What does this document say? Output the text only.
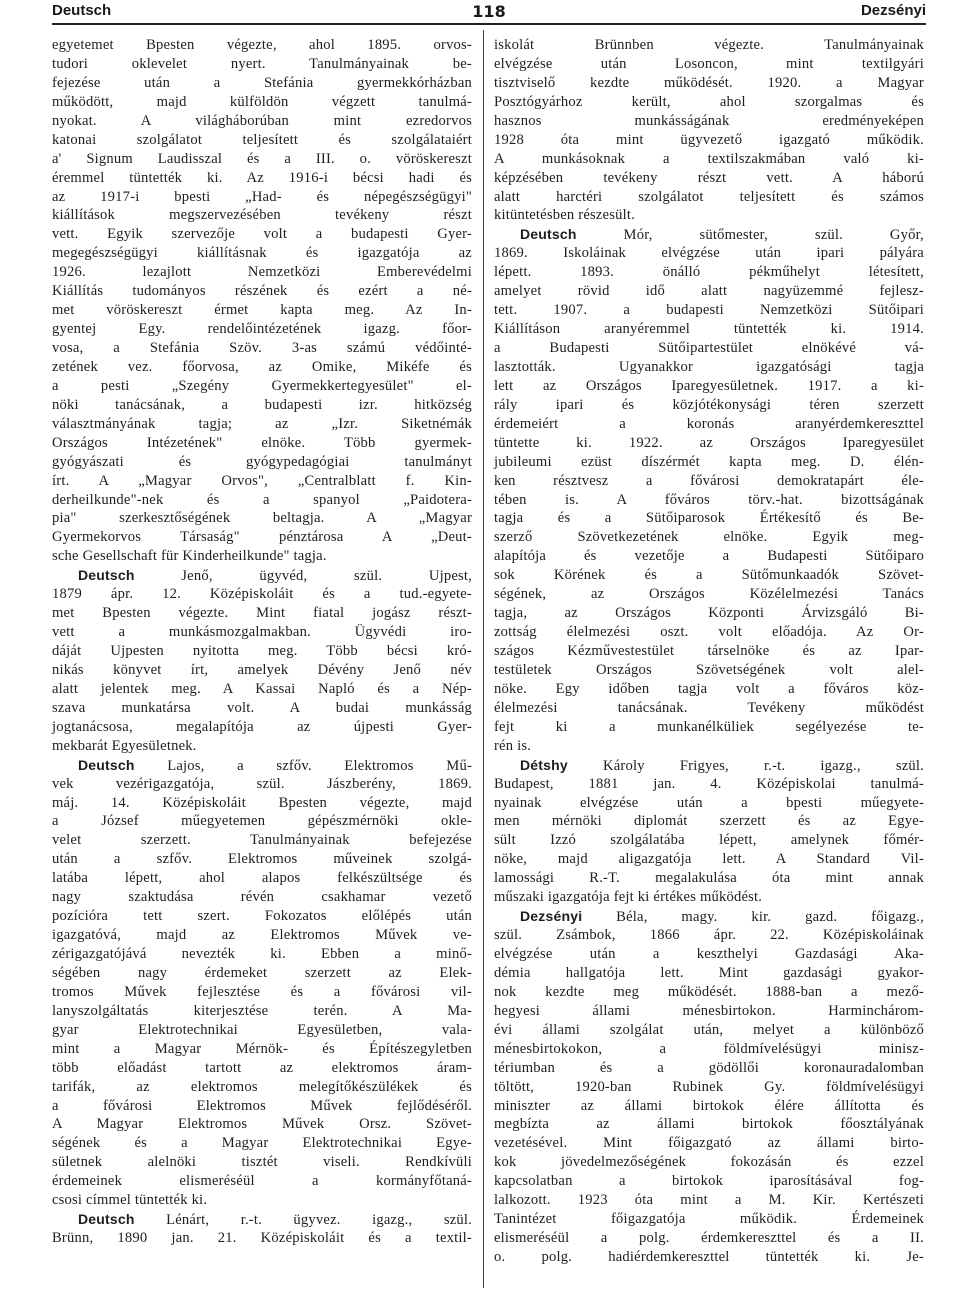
Deutsch	118	Dezsényi
egyetemet Bpesten végezte, ahol 1895. orvos-
tudori oklevelet nyert. Tanulmányainak be-
fejezése után a Stefánia gyermekkórházban
működött, majd külföldön végzett tanulmá-
nyokat. A világháborúban mint ezredorvos
katonai szolgálatot teljesített és szolgálataiért
a' Signum Laudisszal és a III. o. vöröskereszt
éremmel tüntették ki. Az 1916-i bécsi hadi és
az 1917-i bpesti „Had- és népegészségügyi"
kiállítások megszervezésében tevékeny részt
vett. Egyik szervezője volt a budapesti Gyer-
megegészségügyi kiállításnak és igazgatója az
1926. lezajlott Nemzetközi Emberevédelmi
Kiállítás tudományos részének és ezért a né-
met vöröskereszt érmet kapta meg. Az In-
gyentej Egy. rendelőintézetének igazg. főor-
vosa, a Stefánia Szöv. 3-as számú védőinté-
zetének vez. főorvosa, az Omike, Mikéfe és
a pesti „Szegény Gyermekkertegyesület" el-
nöki tanácsának, a budapesti izr. hitközség
választmányának tagja; az „Izr. Siketnémák
Országos Intézetének" elnöke. Több gyermek-
gyógyászati és gyógypedagógiai tanulmányt
írt. A „Magyar Orvos", „Centralblatt f. Kin-
derheilkunde"-nek és a spanyol „Paidotera-
pia" szerkesztőségének beltagja. A „Magyar
Gyermekorvos Társaság" pénztárosa A „Deut-
sche Gesellschaft für Kinderheilkunde" tagja.
Deutsch Jenő, ügyvéd, szül. Ujpest,
1879 ápr. 12. Középiskoláit és a tud.-egyete-
met Bpesten végezte. Mint fiatal jogász részt-
vett a munkásmozgalmakban. Ügyvédi iro-
dáját Ujpesten nyitotta meg. Több bécsi kró-
nikás könyvet írt, amelyek Dévény Jenő név
alatt jelentek meg. A Kassai Napló és a Nép-
szava munkatársa volt. A budai munkásság
jogtanácsosa, megalapítója az újpesti Gyer-
mekbarát Egyesületnek.
Deutsch Lajos, a szfőv. Elektromos Mű-
vek vezérigazgatója, szül. Jászberény, 1869.
máj. 14. Középiskoláit Bpesten végezte, majd
a József műegyetemen gépészmérnöki okle-
velet szerzett. Tanulmányainak befejezése
után a szfőv. Elektromos műveinek szolgá-
latába lépett, ahol alapos felkészültsége és
nagy szaktudása révén csakhamar vezető
pozícióra tett szert. Fokozatos előlépés után
igazgatóvá, majd az Elektromos Művek ve-
zérigazgatójává nevezték ki. Ebben a minő-
ségében nagy érdemeket szerzett az Elek-
tromos Művek fejlesztése és a fővárosi vil-
lanyszolgáltatás kiterjesztése terén. A Ma-
gyar Elektrotechnikai Egyesületben, vala-
mint a Magyar Mérnök- és Építészegyletben
több előadást tartott az elektromos áram-
tarifák, az elektromos melegítőkészülékek és
a fővárosi Elektromos Művek fejlődéséről.
A Magyar Elektromos Művek Orsz. Szövet-
ségének és a Magyar Elektrotechnikai Egye-
sületnek alelnöki tisztét viseli. Rendkívüli
érdemeinek elismeréséül a kormányfőtaná-
csosi címmel tüntették ki.
Deutsch Lénárt, r.-t. ügyvez. igazg., szül.
Brünn, 1890 jan. 21. Középiskoláit és a textil-
iskolát Brünnben végezte. Tanulmányainak
elvégzése után Losoncon, mint textilgyári
tisztviselő kezdte működését. 1920. a Magyar
Posztógyárhoz került, ahol szorgalmas és
hasznos munkásságának eredményeképen
1928 óta mint ügyvezető igazgató működik.
A munkásoknak a textilszakmában való ki-
képzésében tevékeny részt vett. A háború
alatt harctéri szolgálatot teljesített és számos
kitüntetésben részesült.
Deutsch Mór, sütőmester, szül. Győr,
1869. Iskoláinak elvégzése után ipari pályára
lépett. 1893. önálló pékműhelyt létesített,
amelyet rövid idő alatt nagyüzemmé fejlesz-
tett. 1907. a budapesti Nemzetközi Sütőipari
Kiállításon aranyéremmel tüntették ki. 1914.
a Budapesti Sütőipartestület elnökévé vá-
lasztották. Ugyanakkor igazgatósági tagja
lett az Országos Iparegyesületnek. 1917. a ki-
rály ipari és közjótékonysági téren szerzett
érdemeiért a koronás aranyérdemkereszttel
tüntette ki. 1922. az Országos Iparegyesület
jubileumi ezüst díszérmét kapta meg. D. élén-
ken résztvesz a fővárosi demokratapárt éle-
tében is. A főváros törv.-hat. bizottságának
tagja és a Sütőiparosok Értékesítő és Be-
szerző Szövetkezetének elnöke. Egyik meg-
alapítója és vezetője a Budapesti Sütőiparo
sok Körének és a Sütőmunkaadók Szövet-
ségének, az Országos Közélelmezési Tanács
tagja, az Országos Központi Árvizsgáló Bi-
zottság élelmezési oszt. volt előadója. Az Or-
szágos Kézművestestület társelnöke és az Ipar-
testületek Országos Szövetségének volt alel-
nöke. Egy időben tagja volt a főváros köz-
élelmezési tanácsának. Tevékeny működést
fejt ki a munkanélküliek segélyezése te-
rén is.
Détshy Károly Frigyes, r.-t. igazg., szül.
Budapest, 1881 jan. 4. Középiskolai tanulmá-
nyainak elvégzése után a bpesti műegyete-
men mérnöki diplomát szerzett és az Egye-
sült Izzó szolgálatába lépett, amelynek főmér-
nöke, majd aligazgatója lett. A Standard Vil-
lamossági R.-T. megalakulása óta mint annak
műszaki igazgatója fejt ki értékes működést.
Dezsényi Béla, magy. kir. gazd. főigazg.,
szül. Zsámbok, 1866 ápr. 22. Középiskoláinak
elvégzése után a keszthelyi Gazdasági Aka-
démia hallgatója lett. Mint gazdasági gyakor-
nok kezdte meg működését. 1888-ban a mező-
hegyesi állami ménesbirtokon. Harminchárom-
évi állami szolgálat után, melyet a különböző
ménesbirtokokon, a földmívelésügyi minisz-
tériumban és a gödöllői koronauradalomban
töltött, 1920-ban Rubinek Gy. földmívelésügyi
miniszter az állami birtokok élére állította és
megbízta az állami birtokok főosztályának
vezetésével. Mint főigazgató az állami birto-
kok jövedelmezőségének fokozásán és ezzel
kapcsolatban a birtokok iparosításával fog-
lalkozott. 1923 óta mint a M. Kir. Kertészeti
Tanintézet főigazgatója működik. Érdemeinek
elismeréséül a polg. érdemkereszttel és a II.
o. polg. hadiérdemkereszttel tüntették ki. Je-
